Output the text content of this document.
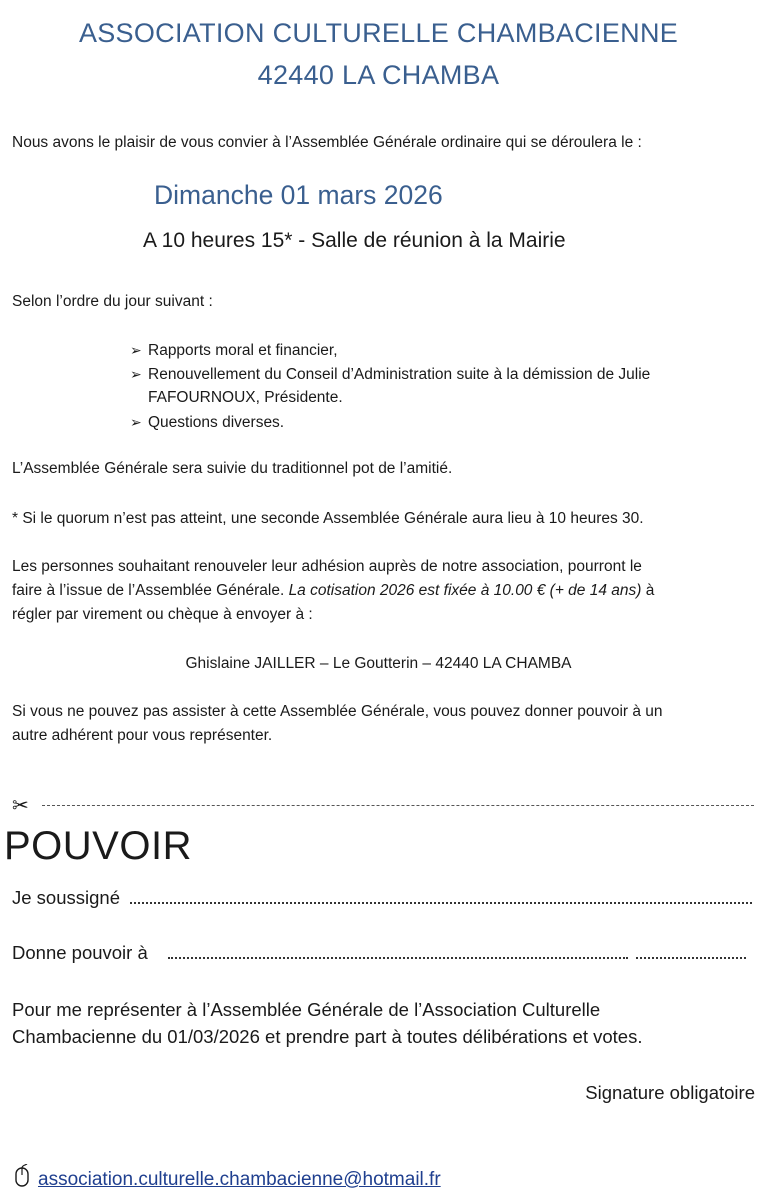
ASSOCIATION CULTURELLE CHAMBACIENNE
42440 LA CHAMBA
Nous avons le plaisir de vous convier à l’Assemblée Générale ordinaire qui se déroulera le :
Dimanche 01 mars 2026
A 10 heures 15* - Salle de réunion à la Mairie
Selon l’ordre du jour suivant :
➢ Rapports moral et financier,
➢ Renouvellement du Conseil d’Administration suite à la démission de Julie
FAFOURNOUX, Présidente.
➢ Questions diverses.
L’Assemblée Générale sera suivie du traditionnel pot de l’amitié.
* Si le quorum n’est pas atteint, une seconde Assemblée Générale aura lieu à 10 heures 30.
Les personnes souhaitant renouveler leur adhésion auprès de notre association, pourront le
faire à l’issue de l’Assemblée Générale. La cotisation 2026 est fixée à 10.00 € (+ de 14 ans) à
régler par virement ou chèque à envoyer à :
Ghislaine JAILLER – Le Goutterin – 42440 LA CHAMBA
Si vous ne pouvez pas assister à cette Assemblée Générale, vous pouvez donner pouvoir à un
autre adhérent pour vous représenter.
✂
POUVOIR
Je soussigné
Donne pouvoir à
Pour me représenter à l’Assemblée Générale de l’Association Culturelle
Chambacienne du 01/03/2026 et prendre part à toutes délibérations et votes.
Signature obligatoire
association.culturelle.chambacienne@hotmail.fr
